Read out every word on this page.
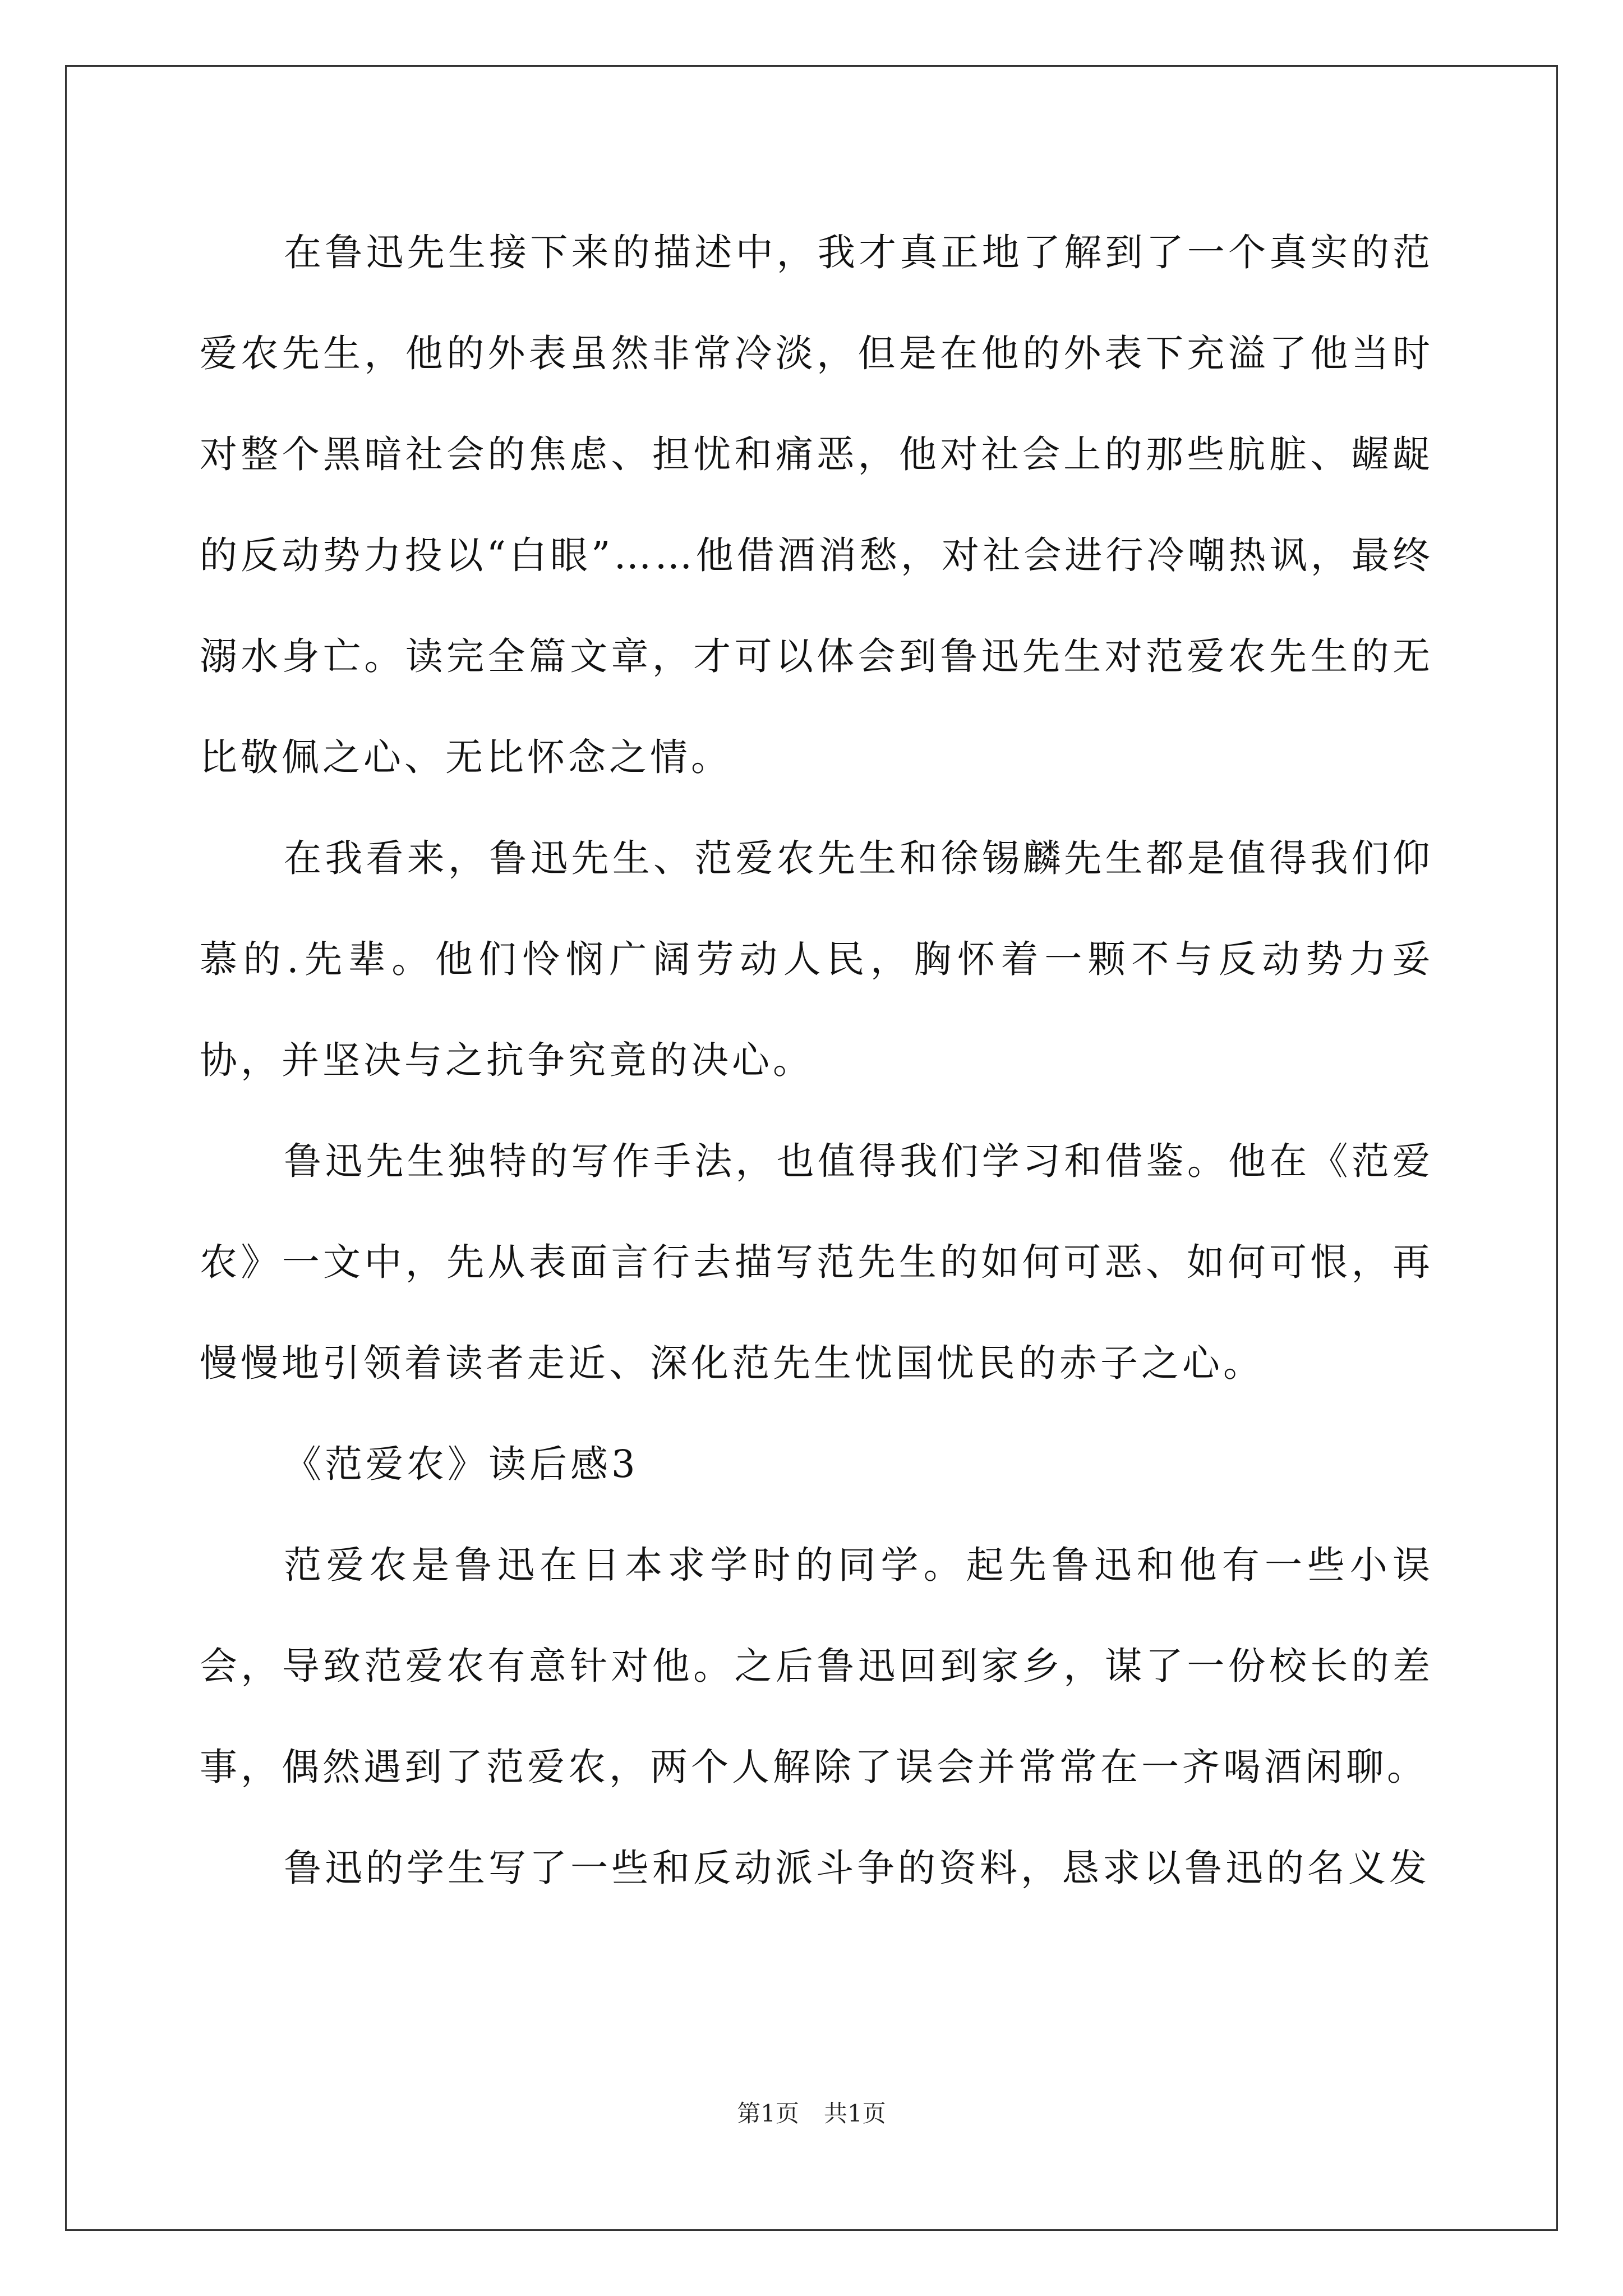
在鲁迅先生接下来的描述中，我才真正地了解到了一个真实的范爱农先生，他的外表虽然非常冷淡，但是在他的外表下充溢了他当时对整个黑暗社会的焦虑、担忧和痛恶，他对社会上的那些肮脏、龌龊的反动势力投以“白眼”……他借酒消愁，对社会进行冷嘲热讽，最终溺水身亡。读完全篇文章，才可以体会到鲁迅先生对范爱农先生的无比敬佩之心、无比怀念之情。

在我看来，鲁迅先生、范爱农先生和徐锡麟先生都是值得我们仰慕的.先辈。他们怜悯广阔劳动人民，胸怀着一颗不与反动势力妥协，并坚决与之抗争究竟的决心。

鲁迅先生独特的写作手法，也值得我们学习和借鉴。他在《范爱农》一文中，先从表面言行去描写范先生的如何可恶、如何可恨，再慢慢地引领着读者走近、深化范先生忧国忧民的赤子之心。

《范爱农》读后感3

范爱农是鲁迅在日本求学时的同学。起先鲁迅和他有一些小误会，导致范爱农有意针对他。之后鲁迅回到家乡，谋了一份校长的差事，偶然遇到了范爱农，两个人解除了误会并常常在一齐喝酒闲聊。

鲁迅的学生写了一些和反动派斗争的资料，恳求以鲁迅的名义发

第1页 共1页
